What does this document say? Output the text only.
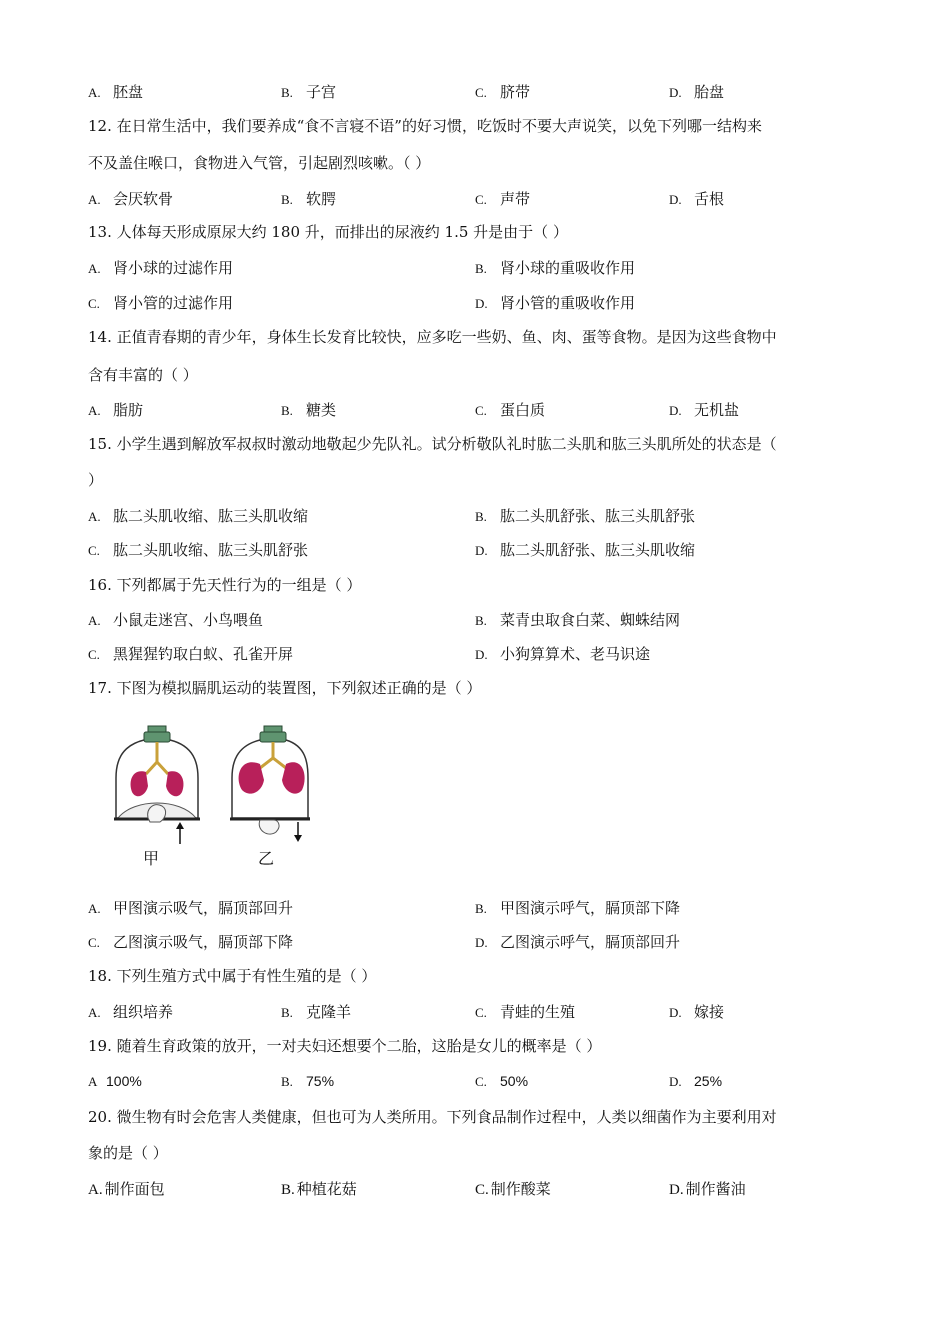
A. 胚盘	B. 子宫	C. 脐带	D. 胎盘
12. 在日常生活中，我们要养成“食不言寝不语”的好习惯，吃饭时不要大声说笑，以免下列哪一结构来
不及盖住喉口，食物进入气管，引起剧烈咳嗽。（ ）
A. 会厌软骨	B. 软腭	C. 声带	D. 舌根
13. 人体每天形成原尿大约 180 升，而排出的尿液约 1.5 升是由于（ ）
A. 肾小球的过滤作用	B. 肾小球的重吸收作用
C. 肾小管的过滤作用	D. 肾小管的重吸收作用
14. 正值青春期的青少年，身体生长发育比较快，应多吃一些奶、鱼、肉、蛋等食物。是因为这些食物中
含有丰富的（ ）
A. 脂肪	B. 糖类	C. 蛋白质	D. 无机盐
15. 小学生遇到解放军叔叔时激动地敬起少先队礼。试分析敬队礼时肱二头肌和肱三头肌所处的状态是（
）
A. 肱二头肌收缩、肱三头肌收缩	B. 肱二头肌舒张、肱三头肌舒张
C. 肱二头肌收缩、肱三头肌舒张	D. 肱二头肌舒张、肱三头肌收缩
16. 下列都属于先天性行为的一组是（ ）
A. 小鼠走迷宫、小鸟喂鱼	B. 菜青虫取食白菜、蜘蛛结网
C. 黑猩猩钓取白蚁、孔雀开屏	D. 小狗算算术、老马识途
17. 下图为模拟膈肌运动的装置图，下列叙述正确的是（ ）
甲	乙
A. 甲图演示吸气，膈顶部回升	B. 甲图演示呼气，膈顶部下降
C. 乙图演示吸气，膈顶部下降	D. 乙图演示呼气，膈顶部回升
18. 下列生殖方式中属于有性生殖的是（ ）
A. 组织培养	B. 克隆羊	C. 青蛙的生殖	D. 嫁接
19. 随着生育政策的放开，一对夫妇还想要个二胎，这胎是女儿的概率是（ ）
A 100%	B. 75%	C. 50%	D. 25%
20. 微生物有时会危害人类健康，但也可为人类所用。下列食品制作过程中，人类以细菌作为主要利用对
象的是（ ）
A. 制作面包	B. 种植花菇	C. 制作酸菜	D. 制作酱油
